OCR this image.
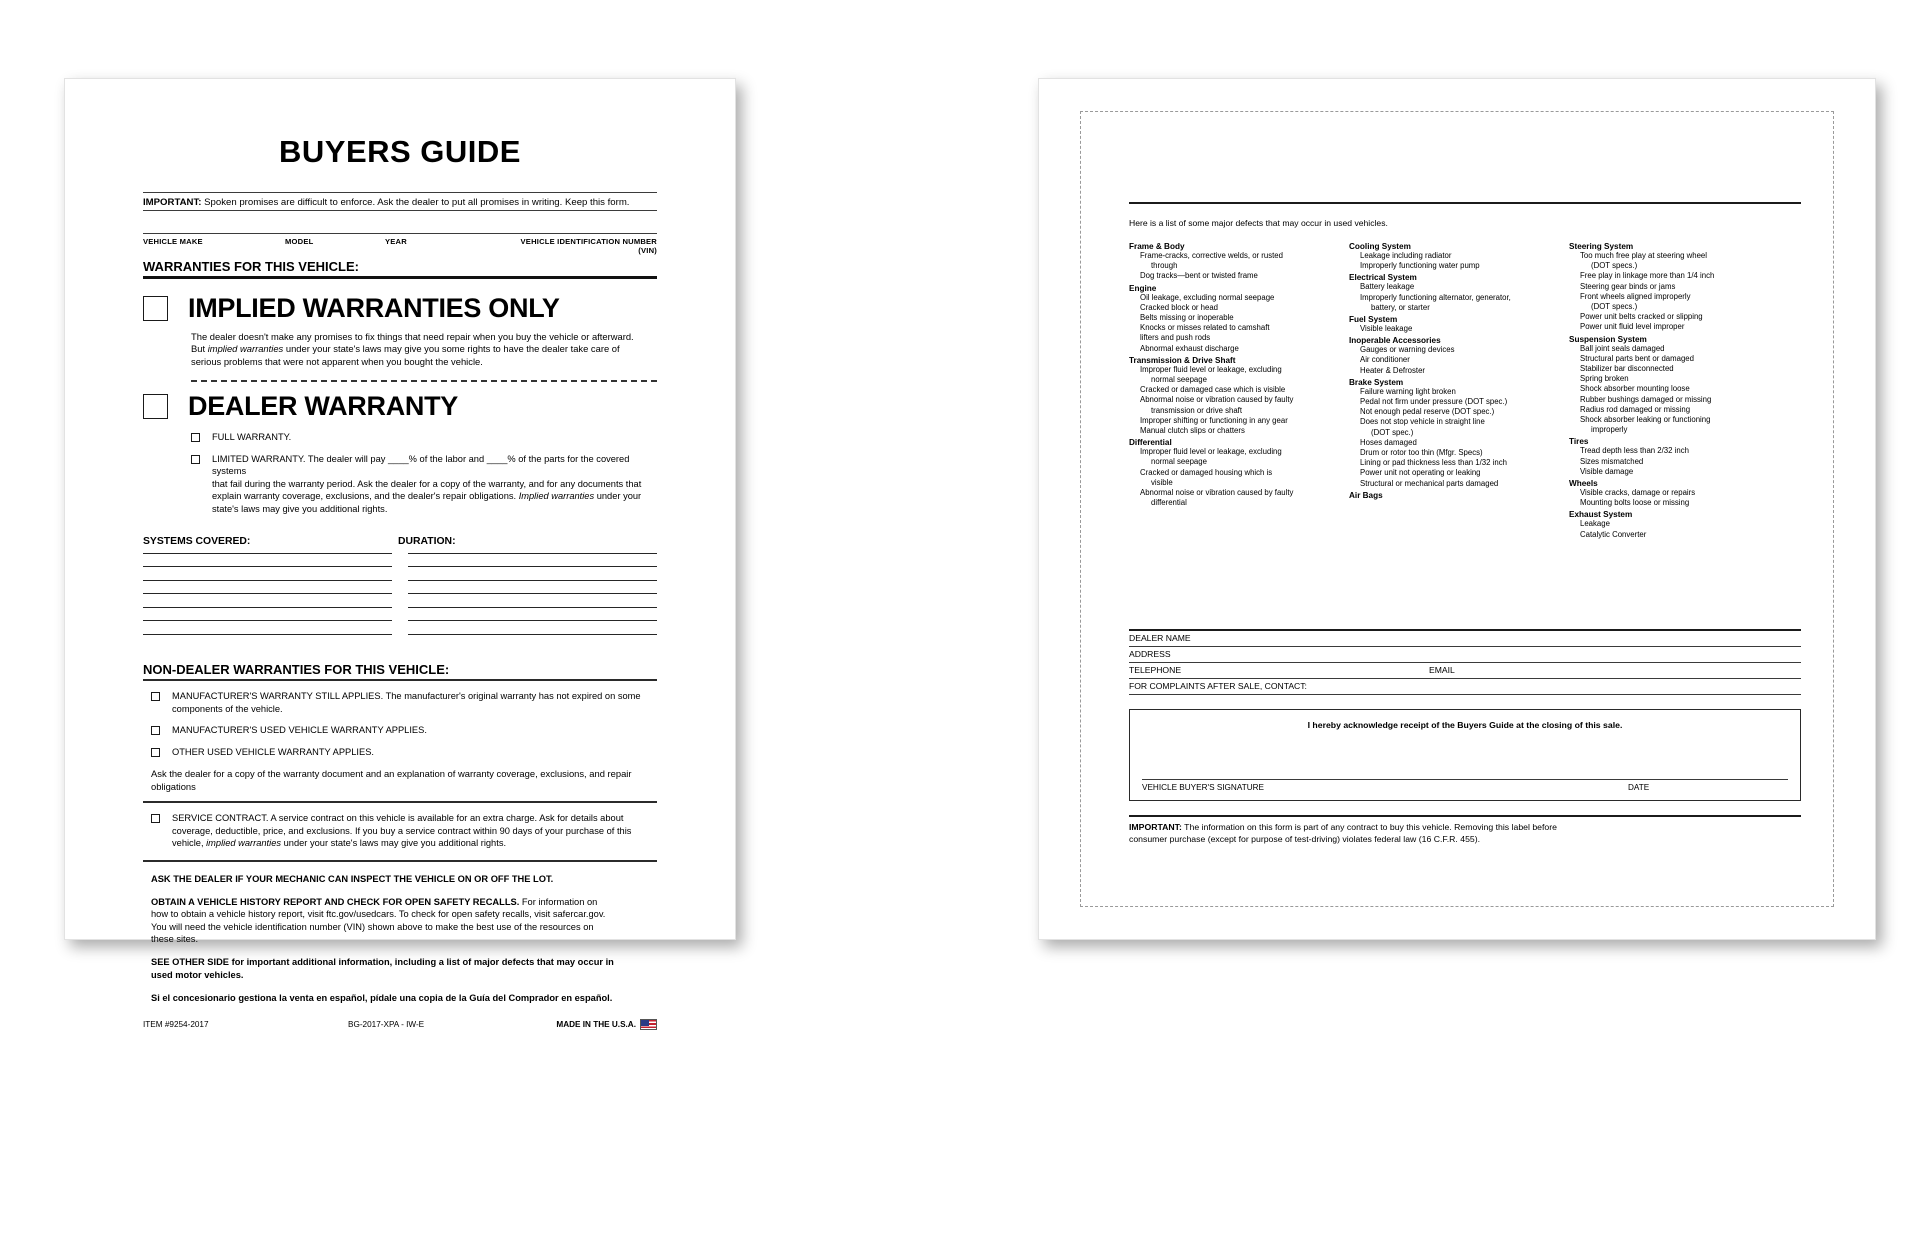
BUYERS GUIDE
IMPORTANT: Spoken promises are difficult to enforce. Ask the dealer to put all promises in writing. Keep this form.
VEHICLE MAKE	MODEL	YEAR	VEHICLE IDENTIFICATION NUMBER (VIN)
WARRANTIES FOR THIS VEHICLE:
IMPLIED WARRANTIES ONLY
The dealer doesn't make any promises to fix things that need repair when you buy the vehicle or afterward.
But implied warranties under your state's laws may give you some rights to have the dealer take care of
serious problems that were not apparent when you bought the vehicle.
DEALER WARRANTY
FULL WARRANTY.
LIMITED WARRANTY. The dealer will pay ____% of the labor and ____% of the parts for the covered systems
that fail during the warranty period. Ask the dealer for a copy of the warranty, and for any documents that
explain warranty coverage, exclusions, and the dealer's repair obligations. Implied warranties under your
state's laws may give you additional rights.
SYSTEMS COVERED:	DURATION:
NON-DEALER WARRANTIES FOR THIS VEHICLE:
MANUFACTURER'S WARRANTY STILL APPLIES. The manufacturer's original warranty has not expired on some
components of the vehicle.
MANUFACTURER'S USED VEHICLE WARRANTY APPLIES.
OTHER USED VEHICLE WARRANTY APPLIES.
Ask the dealer for a copy of the warranty document and an explanation of warranty coverage, exclusions, and repair
obligations
SERVICE CONTRACT. A service contract on this vehicle is available for an extra charge. Ask for details about
coverage, deductible, price, and exclusions. If you buy a service contract within 90 days of your purchase of this
vehicle, implied warranties under your state's laws may give you additional rights.
ASK THE DEALER IF YOUR MECHANIC CAN INSPECT THE VEHICLE ON OR OFF THE LOT.
OBTAIN A VEHICLE HISTORY REPORT AND CHECK FOR OPEN SAFETY RECALLS. For information on
how to obtain a vehicle history report, visit ftc.gov/usedcars. To check for open safety recalls, visit safercar.gov.
You will need the vehicle identification number (VIN) shown above to make the best use of the resources on
these sites.
SEE OTHER SIDE for important additional information, including a list of major defects that may occur in
used motor vehicles.
Si el concesionario gestiona la venta en español, pídale una copia de la Guía del Comprador en español.
ITEM #9254-2017	BG-2017-XPA - IW-E	MADE IN THE U.S.A.
Here is a list of some major defects that may occur in used vehicles.
Frame & Body
Frame-cracks, corrective welds, or rusted
through
Dog tracks—bent or twisted frame
Engine
Oil leakage, excluding normal seepage
Cracked block or head
Belts missing or inoperable
Knocks or misses related to camshaft
lifters and push rods
Abnormal exhaust discharge
Transmission & Drive Shaft
Improper fluid level or leakage, excluding
normal seepage
Cracked or damaged case which is visible
Abnormal noise or vibration caused by faulty
transmission or drive shaft
Improper shifting or functioning in any gear
Manual clutch slips or chatters
Differential
Improper fluid level or leakage, excluding
normal seepage
Cracked or damaged housing which is
visible
Abnormal noise or vibration caused by faulty
differential
Cooling System
Leakage including radiator
Improperly functioning water pump
Electrical System
Battery leakage
Improperly functioning alternator, generator,
battery, or starter
Fuel System
Visible leakage
Inoperable Accessories
Gauges or warning devices
Air conditioner
Heater & Defroster
Brake System
Failure warning light broken
Pedal not firm under pressure (DOT spec.)
Not enough pedal reserve (DOT spec.)
Does not stop vehicle in straight line
(DOT spec.)
Hoses damaged
Drum or rotor too thin (Mfgr. Specs)
Lining or pad thickness less than 1/32 inch
Power unit not operating or leaking
Structural or mechanical parts damaged
Air Bags
Steering System
Too much free play at steering wheel
(DOT specs.)
Free play in linkage more than 1/4 inch
Steering gear binds or jams
Front wheels aligned improperly
(DOT specs.)
Power unit belts cracked or slipping
Power unit fluid level improper
Suspension System
Ball joint seals damaged
Structural parts bent or damaged
Stabilizer bar disconnected
Spring broken
Shock absorber mounting loose
Rubber bushings damaged or missing
Radius rod damaged or missing
Shock absorber leaking or functioning
improperly
Tires
Tread depth less than 2/32 inch
Sizes mismatched
Visible damage
Wheels
Visible cracks, damage or repairs
Mounting bolts loose or missing
Exhaust System
Leakage
Catalytic Converter
DEALER NAME
ADDRESS
TELEPHONE	EMAIL
FOR COMPLAINTS AFTER SALE, CONTACT:
I hereby acknowledge receipt of the Buyers Guide at the closing of this sale.
VEHICLE BUYER'S SIGNATURE	DATE
IMPORTANT: The information on this form is part of any contract to buy this vehicle. Removing this label before
consumer purchase (except for purpose of test-driving) violates federal law (16 C.F.R. 455).
